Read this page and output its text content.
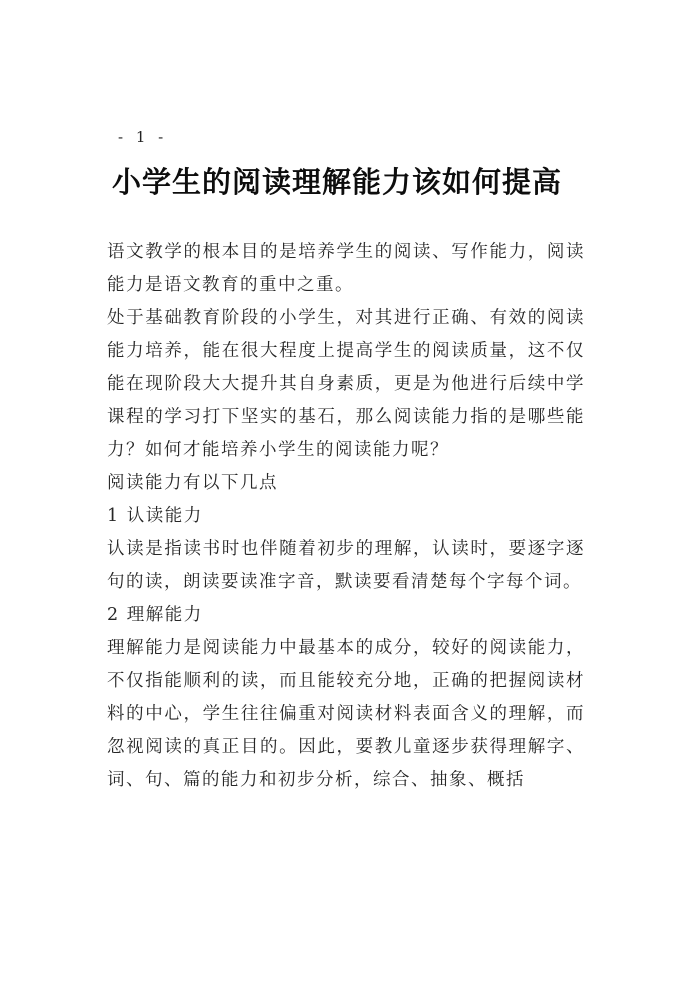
- 1 -
小学生的阅读理解能力该如何提高

语文教学的根本目的是培养学生的阅读、写作能力，阅读能力是语文教育的重中之重。

处于基础教育阶段的小学生，对其进行正确、有效的阅读能力培养，能在很大程度上提高学生的阅读质量，这不仅能在现阶段大大提升其自身素质，更是为他进行后续中学课程的学习打下坚实的基石，那么阅读能力指的是哪些能力？如何才能培养小学生的阅读能力呢？

阅读能力有以下几点

1 认读能力

认读是指读书时也伴随着初步的理解，认读时，要逐字逐句的读，朗读要读准字音，默读要看清楚每个字每个词。

2 理解能力

理解能力是阅读能力中最基本的成分，较好的阅读能力，不仅指能顺利的读，而且能较充分地，正确的把握阅读材料的中心，学生往往偏重对阅读材料表面含义的理解，而忽视阅读的真正目的。因此，要教儿童逐步获得理解字、词、句、篇的能力和初步分析，综合、抽象、概括
